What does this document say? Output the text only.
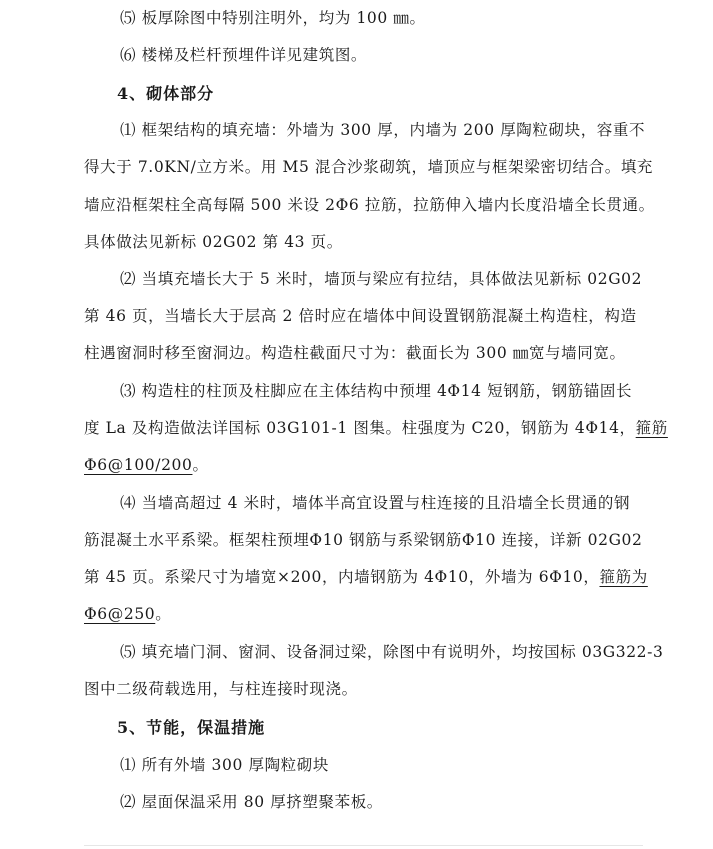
⑸ 板厚除图中特别注明外，均为 100 ㎜。
⑹ 楼梯及栏杆预埋件详见建筑图。
4、砌体部分
⑴ 框架结构的填充墙：外墙为 300 厚，内墙为 200 厚陶粒砌块，容重不
得大于 7.0KN/立方米。用 M5 混合沙浆砌筑，墙顶应与框架梁密切结合。填充
墙应沿框架柱全高每隔 500 米设 2Φ6 拉筋，拉筋伸入墙内长度沿墙全长贯通。
具体做法见新标 02G02 第 43 页。
⑵ 当填充墙长大于 5 米时，墙顶与梁应有拉结，具体做法见新标 02G02
第 46 页，当墙长大于层高 2 倍时应在墙体中间设置钢筋混凝土构造柱，构造
柱遇窗洞时移至窗洞边。构造柱截面尺寸为：截面长为 300 ㎜宽与墙同宽。
⑶ 构造柱的柱顶及柱脚应在主体结构中预埋 4Φ14 短钢筋，钢筋锚固长
度 La 及构造做法详国标 03G101-1 图集。柱强度为 C20，钢筋为 4Φ14，箍筋
Φ6@100/200。
⑷ 当墙高超过 4 米时，墙体半高宜设置与柱连接的且沿墙全长贯通的钢
筋混凝土水平系梁。框架柱预埋Φ10 钢筋与系梁钢筋Φ10 连接，详新 02G02
第 45 页。系梁尺寸为墙宽×200，内墙钢筋为 4Φ10，外墙为 6Φ10，箍筋为
Φ6@250。
⑸ 填充墙门洞、窗洞、设备洞过梁，除图中有说明外，均按国标 03G322-3
图中二级荷载选用，与柱连接时现浇。
5、节能，保温措施
⑴ 所有外墙 300 厚陶粒砌块
⑵ 屋面保温采用 80 厚挤塑聚苯板。
